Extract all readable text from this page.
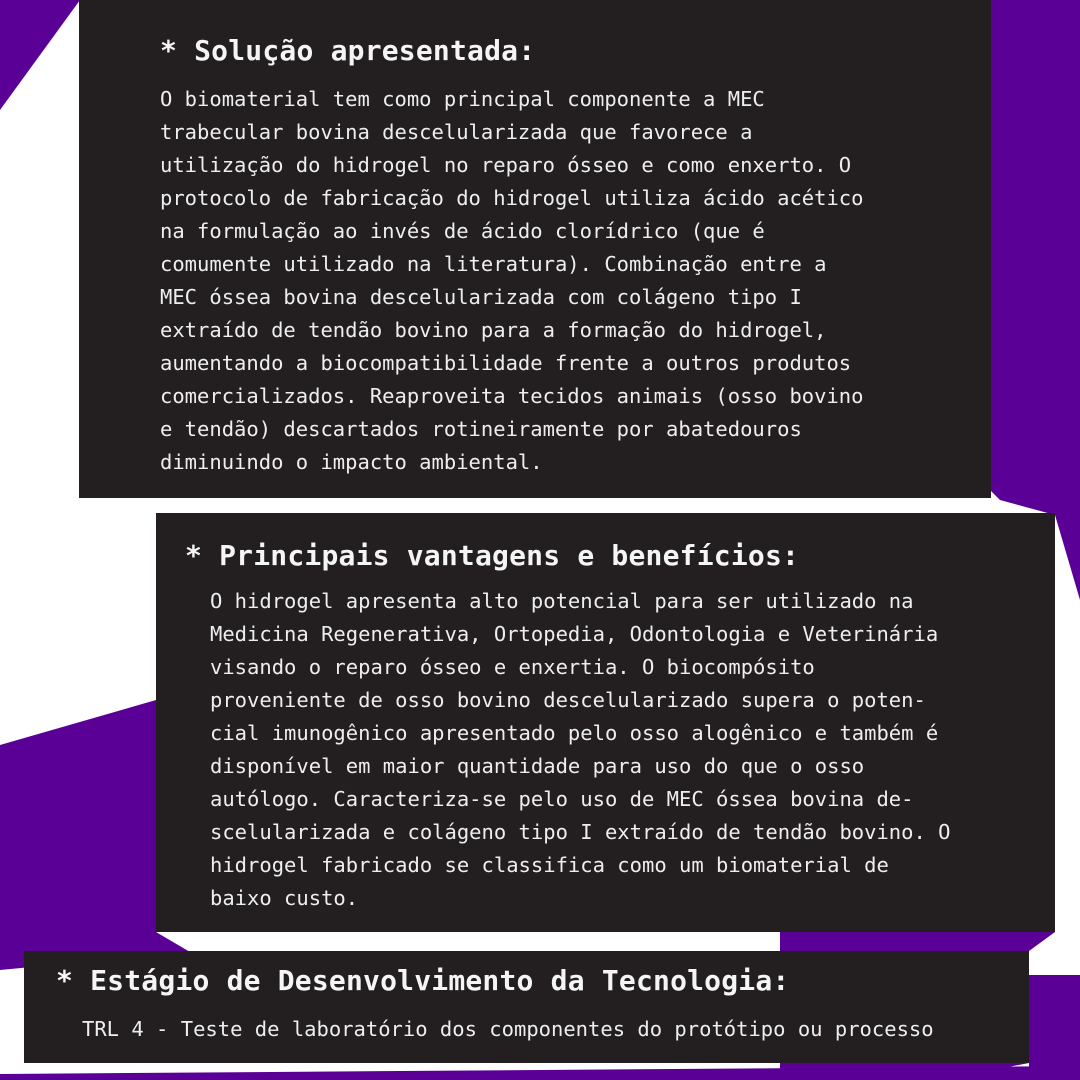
* Solução apresentada:

O biomaterial tem como principal componente a MEC
trabecular bovina descelularizada que favorece a
utilização do hidrogel no reparo ósseo e como enxerto. O
protocolo de fabricação do hidrogel utiliza ácido acético
na formulação ao invés de ácido clorídrico (que é
comumente utilizado na literatura). Combinação entre a
MEC óssea bovina descelularizada com colágeno tipo I
extraído de tendão bovino para a formação do hidrogel,
aumentando a biocompatibilidade frente a outros produtos
comercializados. Reaproveita tecidos animais (osso bovino
e tendão) descartados rotineiramente por abatedouros
diminuindo o impacto ambiental.

* Principais vantagens e benefícios:

O hidrogel apresenta alto potencial para ser utilizado na
Medicina Regenerativa, Ortopedia, Odontologia e Veterinária
visando o reparo ósseo e enxertia. O biocompósito
proveniente de osso bovino descelularizado supera o poten-
cial imunogênico apresentado pelo osso alogênico e também é
disponível em maior quantidade para uso do que o osso
autólogo. Caracteriza-se pelo uso de MEC óssea bovina de-
scelularizada e colágeno tipo I extraído de tendão bovino. O
hidrogel fabricado se classifica como um biomaterial de
baixo custo.

* Estágio de Desenvolvimento da Tecnologia:

TRL 4 - Teste de laboratório dos componentes do protótipo ou processo
